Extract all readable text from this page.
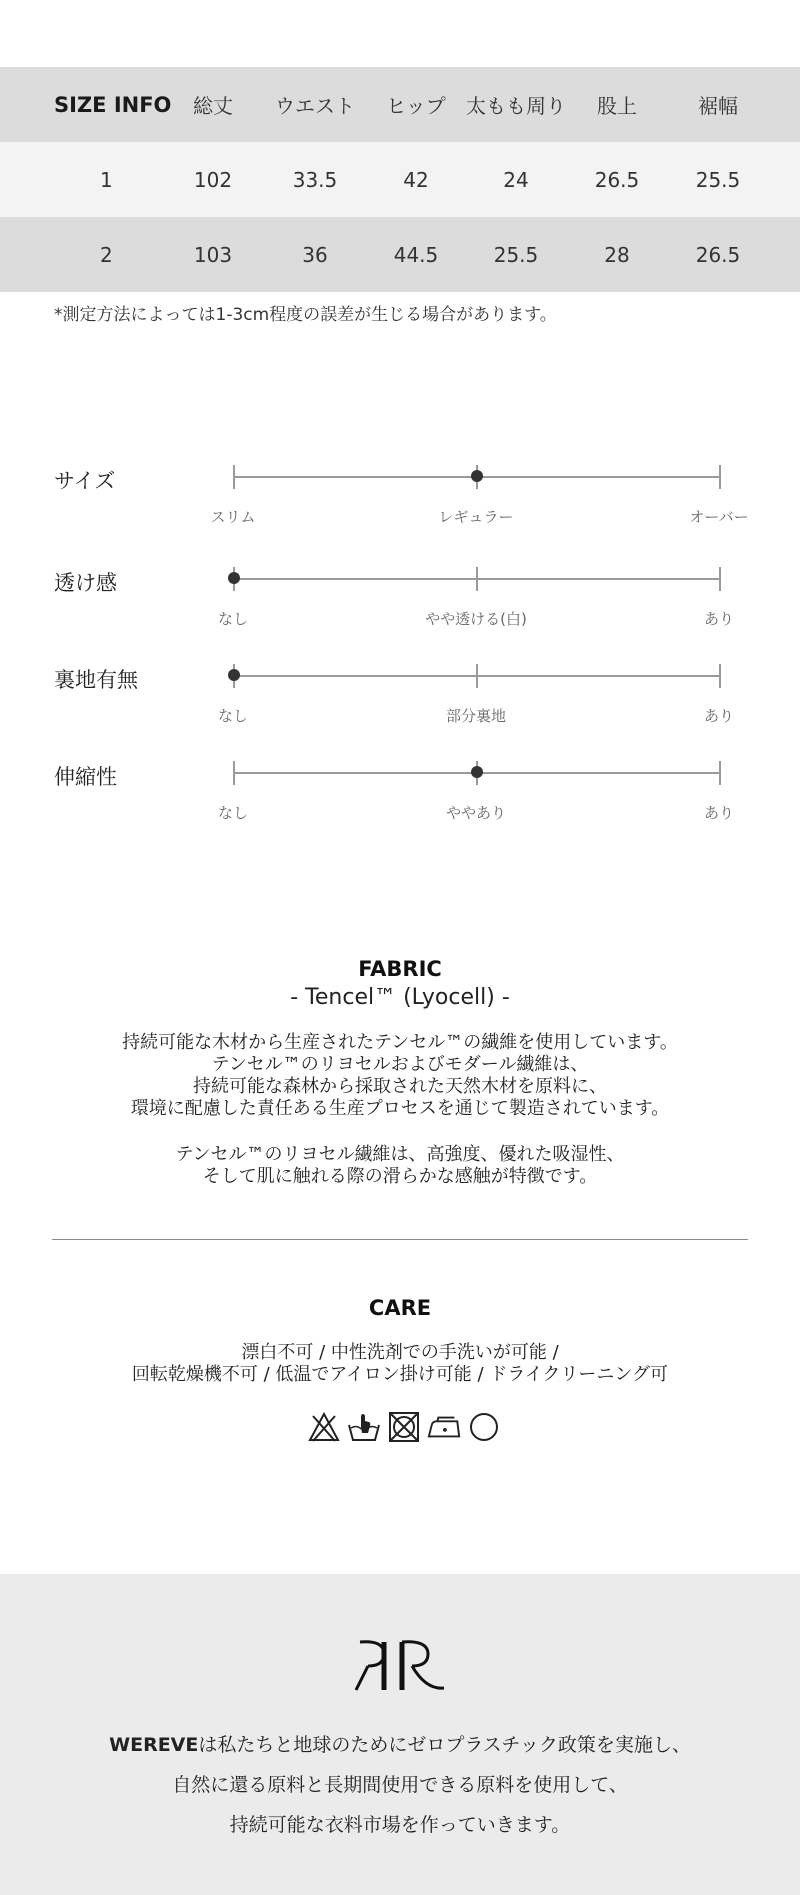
SIZE INFO	総丈	ウエスト	ヒップ	太もも周り	股上	裾幅
1	102	33.5	42	24	26.5	25.5
2	103	36	44.5	25.5	28	26.5
*測定方法によっては1-3cm程度の誤差が生じる場合があります。
サイズ
スリム	レギュラー	オーバー
透け感
なし	やや透ける(白)	あり
裏地有無
なし	部分裏地	あり
伸縮性
なし	ややあり	あり
FABRIC
- Tencel™ (Lyocell) -
持続可能な木材から生産されたテンセル™の繊維を使用しています。
テンセル™のリヨセルおよびモダール繊維は、
持続可能な森林から採取された天然木材を原料に、
環境に配慮した責任ある生産プロセスを通じて製造されています。
テンセル™のリヨセル繊維は、高強度、優れた吸湿性、
そして肌に触れる際の滑らかな感触が特徴です。
CARE
漂白不可 / 中性洗剤での手洗いが可能 /
回転乾燥機不可 / 低温でアイロン掛け可能 / ドライクリーニング可
WEREVEは私たちと地球のためにゼロプラスチック政策を実施し、
自然に還る原料と長期間使用できる原料を使用して、
持続可能な衣料市場を作っていきます。
